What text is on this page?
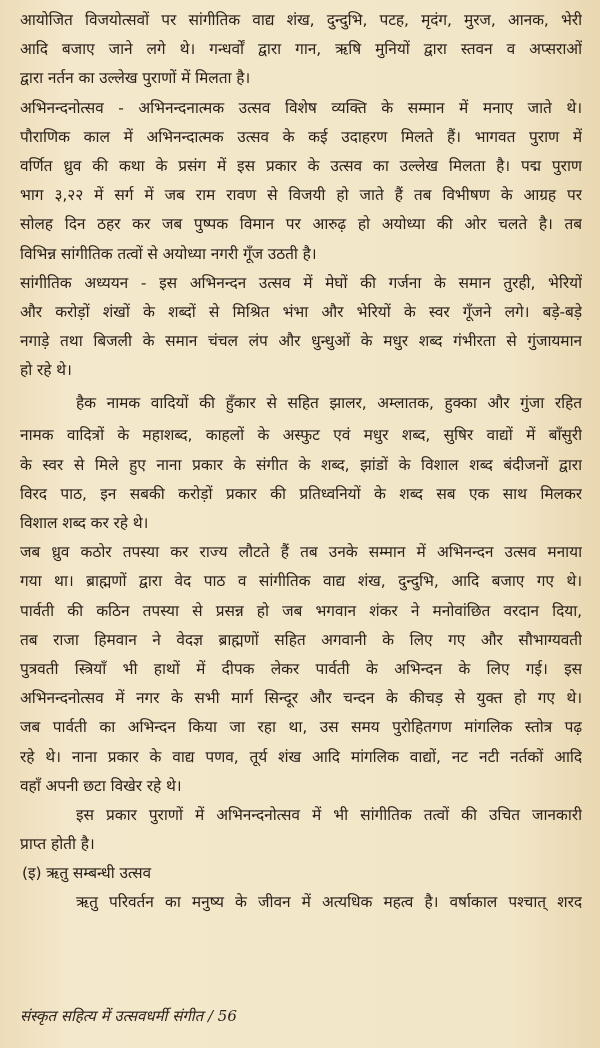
आयोजित विजयोत्सवों पर सांगीतिक वाद्य शंख, दुन्दुभि, पटह, मृदंग, मुरज, आनक, भेरी
आदि बजाए जाने लगे थे। गन्धर्वों द्वारा गान, ऋषि मुनियों द्वारा स्तवन व अप्सराओं
द्वारा नर्तन का उल्लेख पुराणों में मिलता है।
अभिनन्दनोत्सव - अभिनन्दनात्मक उत्सव विशेष व्यक्ति के सम्मान में मनाए जाते थे।
पौराणिक काल में अभिनन्दात्मक उत्सव के कई उदाहरण मिलते हैं। भागवत पुराण में
वर्णित ध्रुव की कथा के प्रसंग में इस प्रकार के उत्सव का उल्लेख मिलता है। पद्म पुराण
भाग ३,२२ में सर्ग में जब राम रावण से विजयी हो जाते हैं तब विभीषण के आग्रह पर
सोलह दिन ठहर कर जब पुष्पक विमान पर आरुढ़ हो अयोध्या की ओर चलते है। तब
विभिन्न सांगीतिक तत्वों से अयोध्या नगरी गूँज उठती है।
सांगीतिक अध्ययन - इस अभिनन्दन उत्सव में मेघों की गर्जना के समान तुरही, भेरियों
और करोड़ों शंखों के शब्दों से मिश्रित भंभा और भेरियों के स्वर गूँजने लगे। बड़े-बड़े
नगाड़े तथा बिजली के समान चंचल लंप और धुन्धुओं के मधुर शब्द गंभीरता से गुंजायमान
हो रहे थे।
हैक नामक वादियों की हुँकार से सहित झालर, अम्लातक, हुक्का और गुंजा रहित
नामक वादित्रों के महाशब्द, काहलों के अस्फुट एवं मधुर शब्द, सुषिर वाद्यों में बाँसुरी
के स्वर से मिले हुए नाना प्रकार के संगीत के शब्द, झांडों के विशाल शब्द बंदीजनों द्वारा
विरद पाठ, इन सबकी करोड़ों प्रकार की प्रतिध्वनियों के शब्द सब एक साथ मिलकर
विशाल शब्द कर रहे थे।
जब ध्रुव कठोर तपस्या कर राज्य लौटते हैं तब उनके सम्मान में अभिनन्दन उत्सव मनाया
गया था। ब्राह्मणों द्वारा वेद पाठ व सांगीतिक वाद्य शंख, दुन्दुभि, आदि बजाए गए थे।
पार्वती की कठिन तपस्या से प्रसन्न हो जब भगवान शंकर ने मनोवांछित वरदान दिया,
तब राजा हिमवान ने वेदज्ञ ब्राह्मणों सहित अगवानी के लिए गए और सौभाग्यवती
पुत्रवती स्त्रियाँ भी हाथों में दीपक लेकर पार्वती के अभिन्दन के लिए गई। इस
अभिनन्दनोत्सव में नगर के सभी मार्ग सिन्दूर और चन्दन के कीचड़ से युक्त हो गए थे।
जब पार्वती का अभिन्दन किया जा रहा था, उस समय पुरोहितगण मांगलिक स्तोत्र पढ़
रहे थे। नाना प्रकार के वाद्य पणव, तूर्य शंख आदि मांगलिक वाद्यों, नट नटी नर्तकों आदि
वहाँ अपनी छटा विखेर रहे थे।
इस प्रकार पुराणों में अभिनन्दनोत्सव में भी सांगीतिक तत्वों की उचित जानकारी
प्राप्त होती है।
(इ) ऋतु सम्बन्धी उत्सव
ऋतु परिवर्तन का मनुष्य के जीवन में अत्यधिक महत्व है। वर्षाकाल पश्चात् शरद
संस्कृत सहित्य में उत्सवधर्मी संगीत / 56
